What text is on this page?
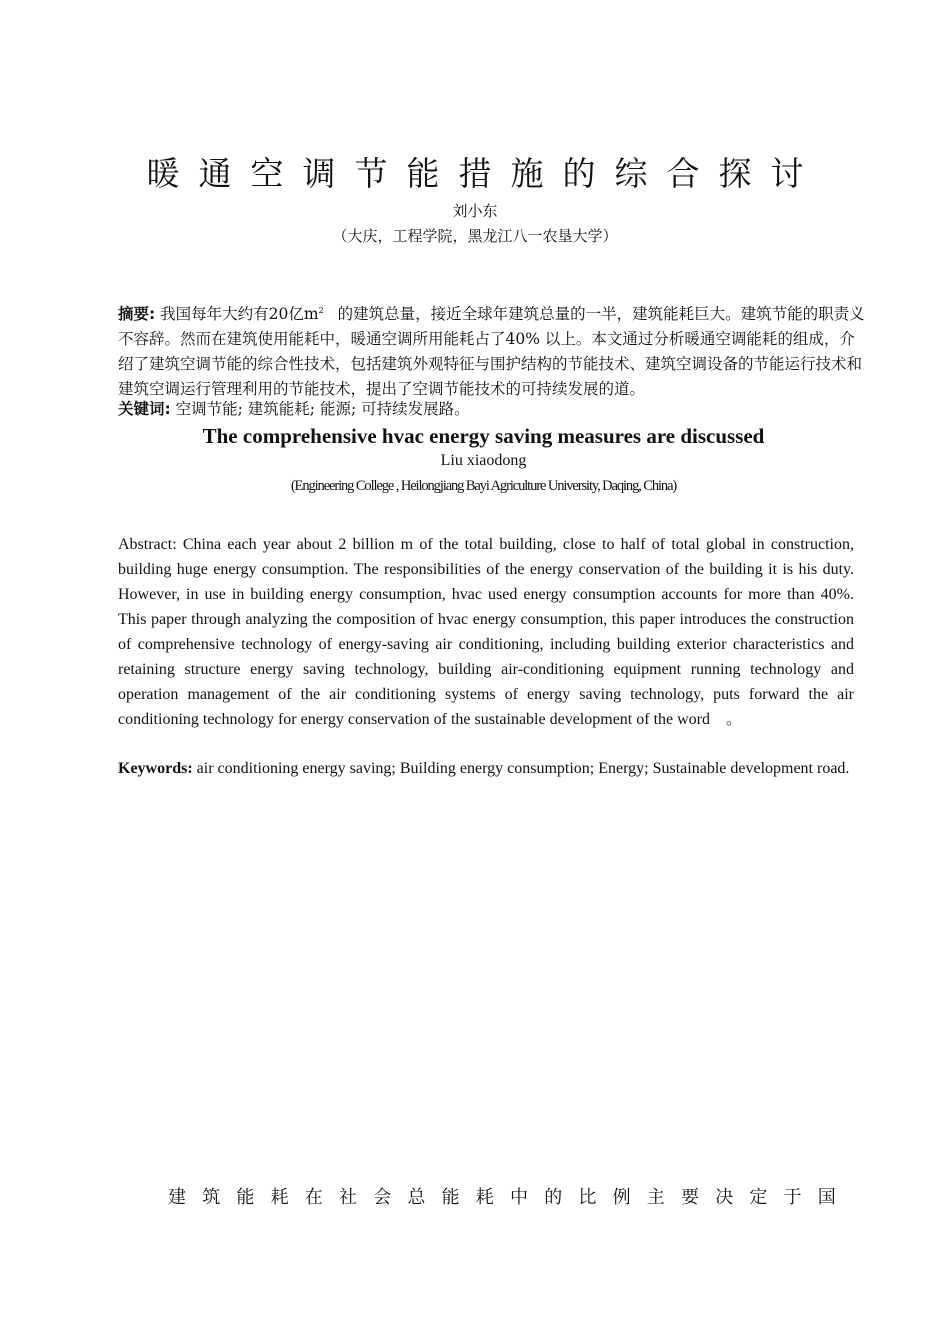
暖通空调节能措施的综合探讨
刘小东
（大庆，工程学院，黑龙江八一农垦大学）
摘要: 我国每年大约有20亿$m^2$ 的建筑总量，接近全球年建筑总量的一半，建筑能耗巨大。建筑节能的职责义不容辞。然而在建筑使用能耗中，暖通空调所用能耗占了40% 以上。本文通过分析暖通空调能耗的组成，介绍了建筑空调节能的综合性技术，包括建筑外观特征与围护结构的节能技术、建筑空调设备的节能运行技术和建筑空调运行管理利用的节能技术，提出了空调节能技术的可持续发展的道。
关键词: 空调节能; 建筑能耗; 能源; 可持续发展路。
The comprehensive hvac energy saving measures are discussed
Liu xiaodong
(Engineering College , Heilongjiang Bayi Agriculture University, Daqing, China)
Abstract: China each year about 2 billion m of the total building, close to half of total global in construction, building huge energy consumption. The responsibilities of the energy conservation of the building it is his duty. However, in use in building energy consumption, hvac used energy consumption accounts for more than 40%. This paper through analyzing the composition of hvac energy consumption, this paper introduces the construction of comprehensive technology of energy-saving air conditioning, including building exterior characteristics and retaining structure energy saving technology, building air-conditioning equipment running technology and operation management of the air conditioning systems of energy saving technology, puts forward the air conditioning technology for energy conservation of the sustainable development of the word　。
Keywords: air conditioning energy saving; Building energy consumption; Energy; Sustainable development road.
建筑能耗在社会总能耗中的比例主要决定于国
